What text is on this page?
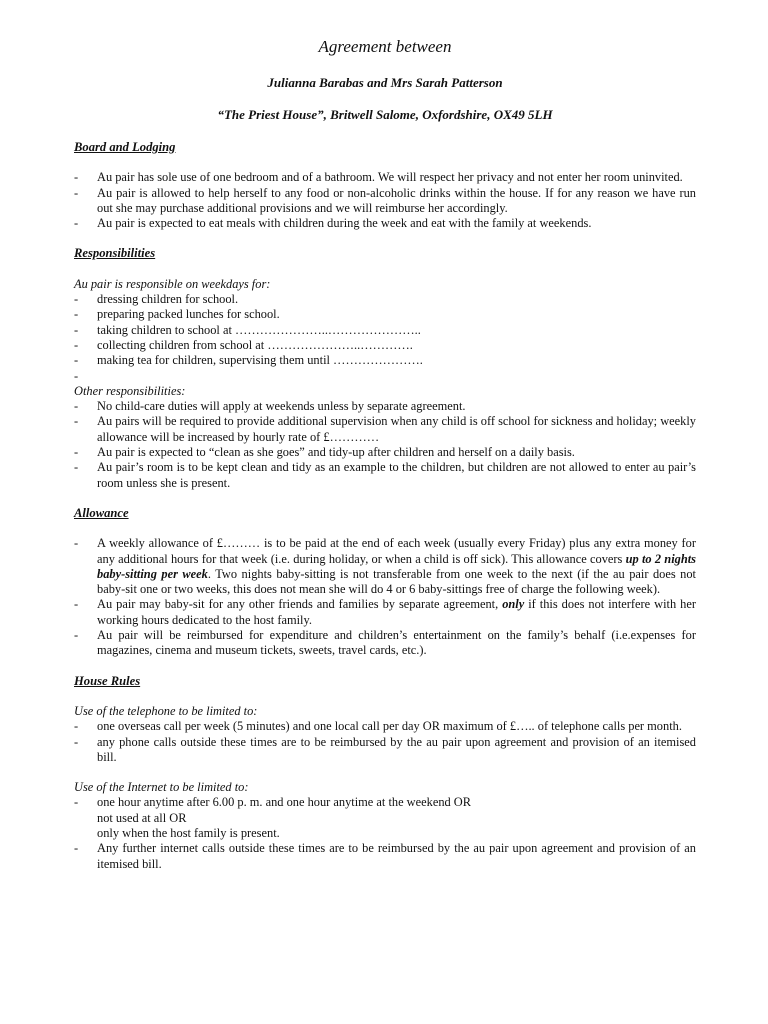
Agreement between
Julianna Barabas and Mrs Sarah Patterson
“The Priest House”, Britwell Salome, Oxfordshire, OX49 5LH
Board and Lodging
- Au pair has sole use of one bedroom and of a bathroom. We will respect her privacy and not enter her room uninvited.
- Au pair is allowed to help herself to any food or non-alcoholic drinks within the house. If for any reason we have run out she may purchase additional provisions and we will reimburse her accordingly.
- Au pair is expected to eat meals with children during the week and eat with the family at weekends.
Responsibilities
Au pair is responsible on weekdays for:
- dressing children for school.
- preparing packed lunches for school.
- taking children to school at …………………..…………………..
- collecting children from school at …………………..………….
- making tea for children, supervising them until ………………….
-
Other responsibilities:
- No child-care duties will apply at weekends unless by separate agreement.
- Au pairs will be required to provide additional supervision when any child is off school for sickness and holiday; weekly allowance will be increased by hourly rate of £…………
- Au pair is expected to “clean as she goes” and tidy-up after children and herself on a daily basis.
- Au pair’s room is to be kept clean and tidy as an example to the children, but children are not allowed to enter au pair’s room unless she is present.
Allowance
- A weekly allowance of £……… is to be paid at the end of each week (usually every Friday) plus any extra money for any additional hours for that week (i.e. during holiday, or when a child is off sick). This allowance covers up to 2 nights baby-sitting per week. Two nights baby-sitting is not transferable from one week to the next (if the au pair does not baby-sit one or two weeks, this does not mean she will do 4 or 6 baby-sittings free of charge the following week).
- Au pair may baby-sit for any other friends and families by separate agreement, only if this does not interfere with her working hours dedicated to the host family.
- Au pair will be reimbursed for expenditure and children’s entertainment on the family’s behalf (i.e.expenses for magazines, cinema and museum tickets, sweets, travel cards, etc.).
House Rules
Use of the telephone to be limited to:
- one overseas call per week (5 minutes) and one local call per day OR maximum of £….. of telephone calls per month.
- any phone calls outside these times are to be reimbursed by the au pair upon agreement and provision of an itemised bill.
Use of the Internet to be limited to:
- one hour anytime after 6.00 p. m. and one hour anytime at the weekend OR
not used at all OR
only when the host family is present.
- Any further internet calls outside these times are to be reimbursed by the au pair upon agreement and provision of an itemised bill.
